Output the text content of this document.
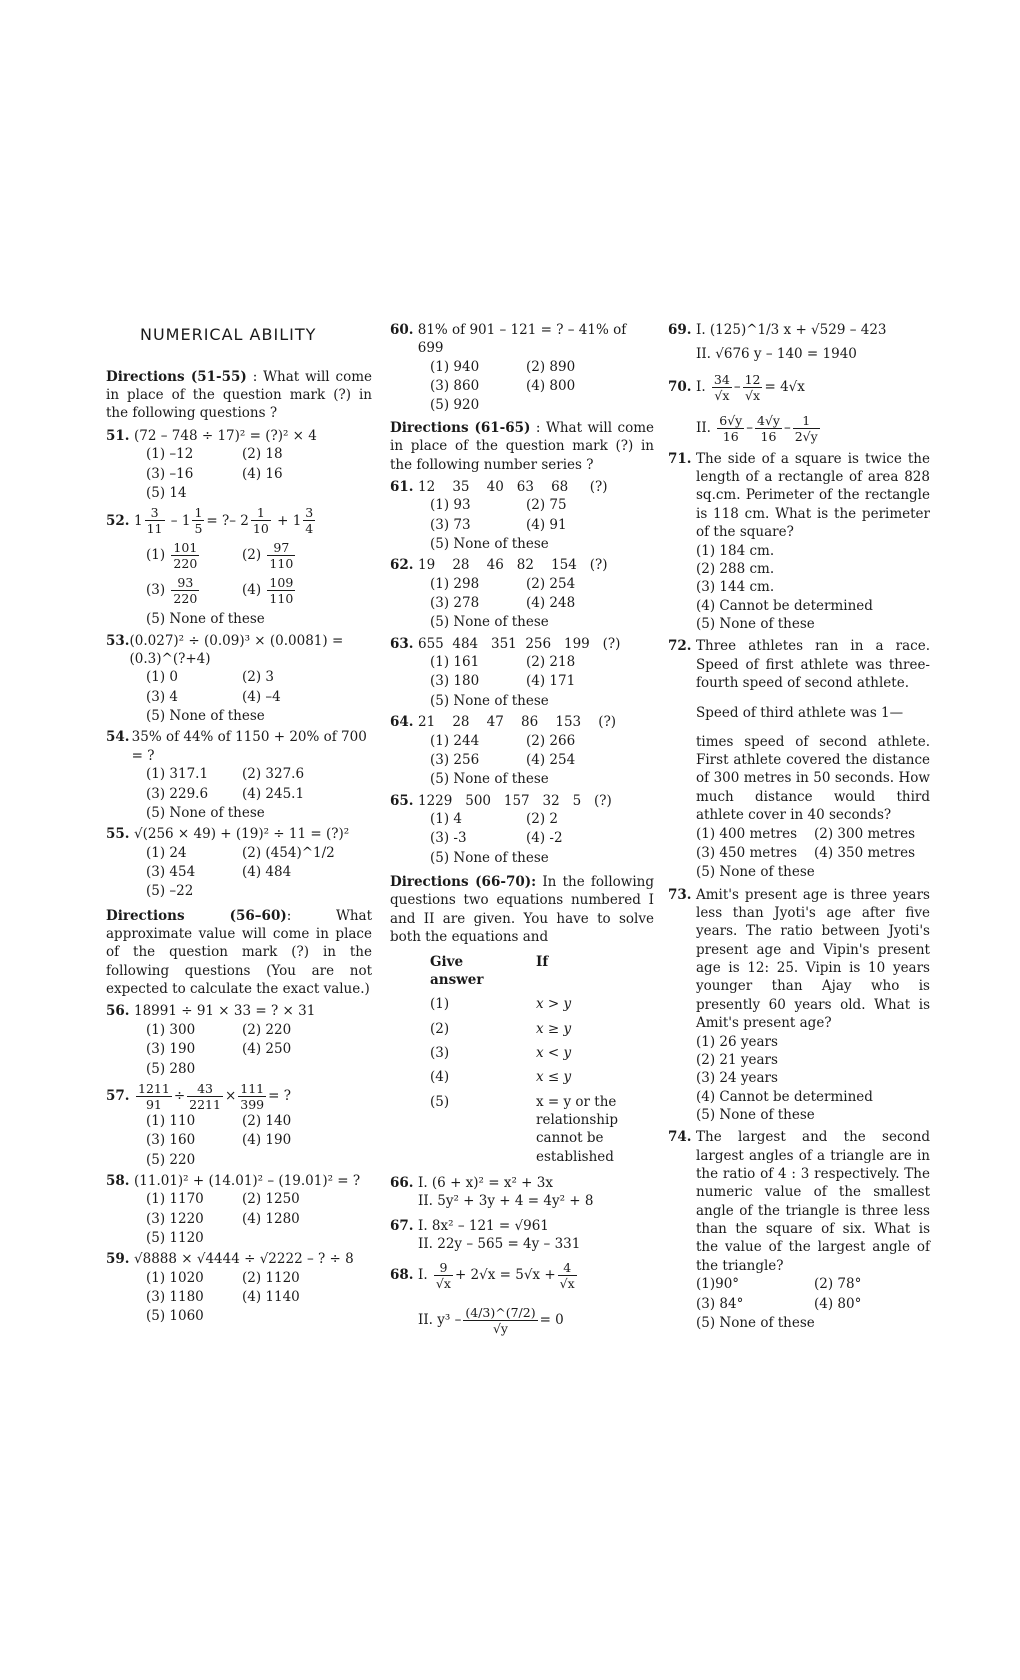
NUMERICAL ABILITY
Directions (51-55) : What will come in place of the question mark (?) in the following questions ?
51. (72 – 748 ÷ 17)² = (?)² × 4
(1) –12	(2) 18
(3) –16	(4) 16
(5) 14
52. 1 3
11
– 1 1
5
= ?– 2 1
10
+ 1 3
4
$(1) \frac{101}{220}$	$(2) \frac{97}{110}$
$(3) \frac{93}{220}$	$(4) \frac{109}{110}$
(5) None of these
53. (0.027)² ÷ (0.09)³ × (0.0081) = (0.3)^(?+4)
(1) 0	(2) 3
(3) 4	(4) –4
(5) None of these
54. 35% of 44% of 1150 + 20% of 700 = ?
(1) 317.1	(2) 327.6
(3) 229.6	(4) 245.1
(5) None of these
55. √(256 × 49) + (19)² ÷ 11 = (?)²
(1) 24	(2) (454)^1/2
(3) 454	(4) 484
(5) –22
Directions (56–60): What approximate value will come in place of the question mark (?) in the following questions (You are not expected to calculate the exact value.)
56. 18991 ÷ 91 × 33 = ? × 31
(1) 300	(2) 220
(3) 190	(4) 250
(5) 280
57. 1211
91
÷ 43
2211
× $\frac{111}{399}$ = ?
(1) 110	(2) 140
(3) 160	(4) 190
(5) 220
58. (11.01)² + (14.01)² – (19.01)² = ?
(1) 1170	(2) 1250
(3) 1220	(4) 1280
(5) 1120
59. √8888 × √4444 ÷ √2222 – ? ÷ 8
(1) 1020	(2) 1120
(3) 1180	(4) 1140
(5) 1060
60. 81% of 901 – 121 = ? – 41% of 699
(1) 940	(2) 890
(3) 860	(4) 800
(5) 920
Directions (61-65) : What will come in place of the question mark (?) in the following number series ?
61. 12    35    40   63    68     (?)
(1) 93	(2) 75
(3) 73	(4) 91
(5) None of these
62. 19    28    46   82    154   (?)
(1) 298	(2) 254
(3) 278	(4) 248
(5) None of these
63. 655  484   351  256   199   (?)
(1) 161	(2) 218
(3) 180	(4) 171
(5) None of these
64. 21    28    47    86    153    (?)
(1) 244	(2) 266
(3) 256	(4) 254
(5) None of these
65. 1229   500   157   32   5   (?)
(1) 4	(2) 2
(3) -3	(4) -2
(5) None of these
Directions (66-70): In the following questions two equations numbered I and II are given. You have to solve both the equations and
Give answer
If
(1)	x > y
(2)	x ≥ y
(3)	x < y
(4)	x ≤ y
(5)	x = y or the relationship cannot be established
66. I. (6 + x)² = x² + 3x
II. 5y² + 3y + 4 = 4y² + 8
67. I. 8x² – 121 = √961
II. 22y – 565 = 4y – 331
68. I.
9
√x
+ $2√x = 5√x + \frac{4}{√x}$
II.
$y^3 - \frac{(4/3)\^{}(7/2)}{√y} = 0$
69. I. (125)^1/3 x + √529 – 423
II. √676 y – 140 = 1940
70. I.
34
√x
– $\frac{12}{√x} = 4√x$
II.
6√y
16
– 4√y
16
– 1
2√y
71. The side of a square is twice the length of a rectangle of area 828 sq.cm. Perimeter of the rectangle is 118 cm. What is the perimeter of the square?
(1) 184 cm.
(2) 288 cm.
(3) 144 cm.
(4) Cannot be determined
(5) None of these
72. Three athletes ran in a race. Speed of first athlete was three-fourth speed of second athlete.
Speed of third athlete was 1—
times speed of second athlete. First athlete covered the distance of 300 metres in 50 seconds. How much distance would third athlete cover in 40 seconds?
(1) 400 metres	(2) 300 metres
(3) 450 metres	(4) 350 metres
(5) None of these
73. Amit's present age is three years less than Jyoti's age after five years. The ratio between Jyoti's present age and Vipin's present age is 12: 25. Vipin is 10 years younger than Ajay who is presently 60 years old. What is Amit's present age?
(1) 26 years
(2) 21 years
(3) 24 years
(4) Cannot be determined
(5) None of these
74. The largest and the second largest angles of a triangle are in the ratio of 4 : 3 respectively. The numeric value of the smallest angle of the triangle is three less than the square of six. What is the value of the largest angle of the triangle?
(1)90°	(2) 78°
(3) 84°	(4) 80°
(5) None of these
